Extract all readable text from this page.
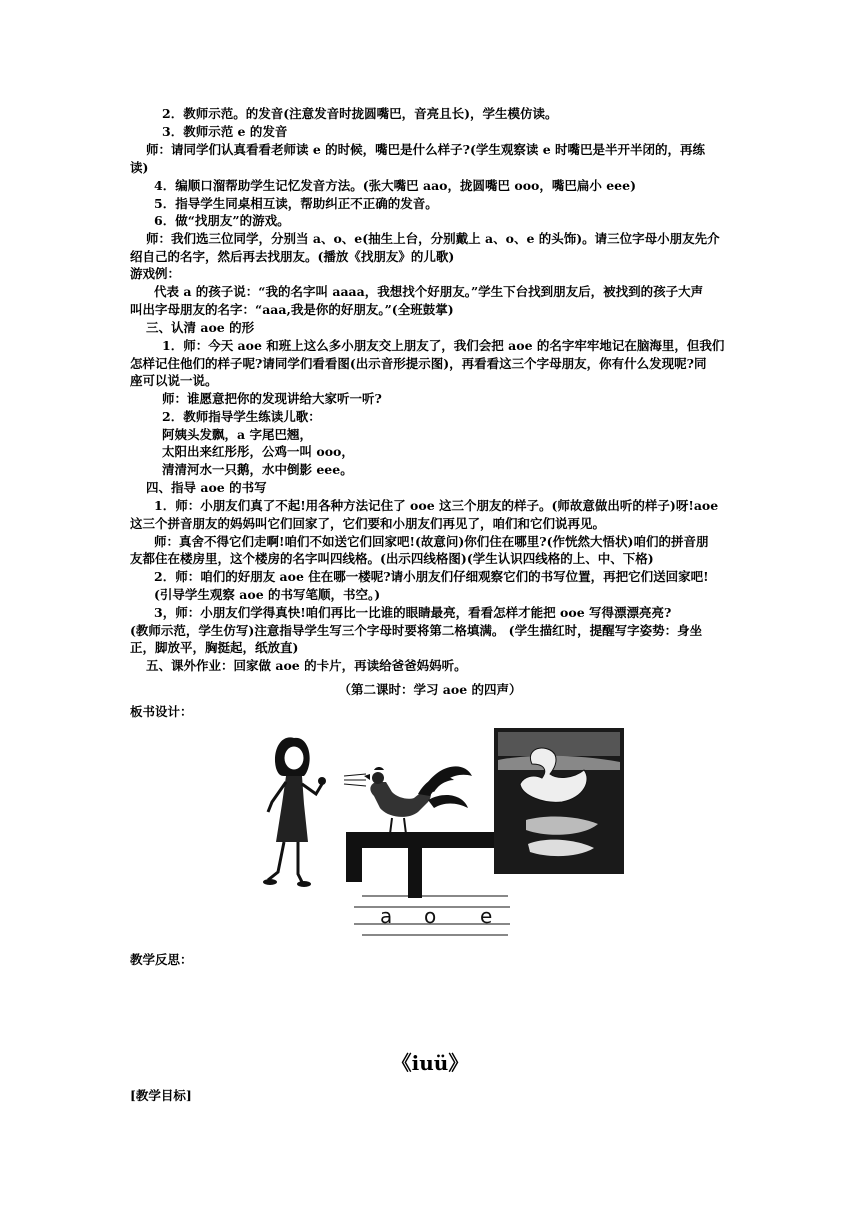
2．教师示范。的发音(注意发音时拢圆嘴巴，音亮且长)，学生模仿读。
3．教师示范 e 的发音
师：请同学们认真看看老师读 e 的时候，嘴巴是什么样子?(学生观察读 e 时嘴巴是半开半闭的，再练
读)
4．编顺口溜帮助学生记忆发音方法。(张大嘴巴 aao，拢圆嘴巴 ooo，嘴巴扁小 eee)
5．指导学生同桌相互读，帮助纠正不正确的发音。
6．做“找朋友”的游戏。
师：我们选三位同学，分别当 a、o、e(抽生上台，分别戴上 a、o、e 的头饰)。请三位字母小朋友先介
绍自己的名字，然后再去找朋友。(播放《找朋友》的儿歌)
游戏例：
代表 a 的孩子说：“我的名字叫 aaaa，我想找个好朋友。”学生下台找到朋友后，被找到的孩子大声
叫出字母朋友的名字：“aaa,我是你的好朋友。”(全班鼓掌)
三、认清 aoe 的形
1．师：今天 aoe 和班上这么多小朋友交上朋友了，我们会把 aoe 的名字牢牢地记在脑海里，但我们
怎样记住他们的样子呢?请同学们看看图(出示音形提示图)，再看看这三个字母朋友，你有什么发现呢?同
座可以说一说。
师：谁愿意把你的发现讲给大家听一听?
2．教师指导学生练读儿歌：
阿姨头发飘，a 字尾巴翘，
太阳出来红彤彤，公鸡一叫 ooo，
清清河水一只鹅，水中倒影 eee。
四、指导 aoe 的书写
1．师：小朋友们真了不起!用各种方法记住了 ooe 这三个朋友的样子。(师故意做出听的样子)呀!aoe
这三个拼音朋友的妈妈叫它们回家了，它们要和小朋友们再见了，咱们和它们说再见。
师：真舍不得它们走啊!咱们不如送它们回家吧!(故意问)你们住在哪里?(作恍然大悟状)咱们的拼音朋
友都住在楼房里，这个楼房的名字叫四线格。(出示四线格图)(学生认识四线格的上、中、下格)
2．师：咱们的好朋友 aoe 住在哪一楼呢?请小朋友们仔细观察它们的书写位置，再把它们送回家吧!
(引导学生观察 aoe 的书写笔顺，书空。)
3，师：小朋友们学得真快!咱们再比一比谁的眼睛最亮，看看怎样才能把 ooe 写得漂漂亮亮?
(教师示范，学生仿写)注意指导学生写三个字母时要将第二格填满。 (学生描红时，提醒写字姿势：身坐
正，脚放平，胸挺起，纸放直)
五、课外作业：回家做 aoe 的卡片，再读给爸爸妈妈听。
（第二课时：学习 aoe 的四声）
板书设计：
a o e
教学反思：
《iuü》
[教学目标]
